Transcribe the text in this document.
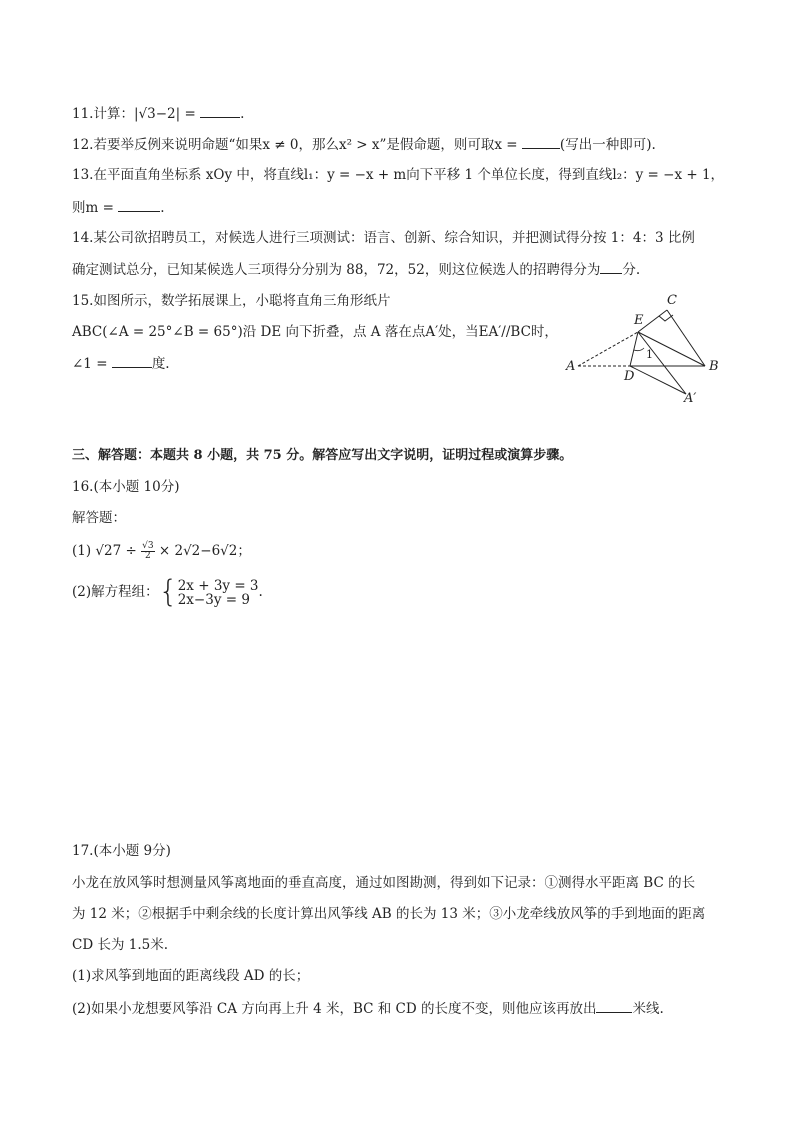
11.计算：|√3−2| =	.
12.若要举反例来说明命题“如果x ≠ 0，那么x² > x”是假命题，则可取x =	(写出一种即可).
13.在平面直角坐标系 xOy 中，将直线l₁：y = −x + m向下平移 1 个单位长度，得到直线l₂：y = −x + 1，
则m =	.
14.某公司欲招聘员工，对候选人进行三项测试：语言、创新、综合知识，并把测试得分按 1：4：3 比例
确定测试总分，已知某候选人三项得分分别为 88，72，52，则这位候选人的招聘得分为 分.
15.如图所示，数学拓展课上，小聪将直角三角形纸片
ABC(∠A = 25°∠B = 65°)沿 DE 向下折叠，点 A 落在点A′处，当EA′//BC时，
∠1 =	度.
C
E
A
D
B
A′
1
三、解答题：本题共 8 小题，共 75 分。解答应写出文字说明，证明过程或演算步骤。
16.(本小题 10分)
解答题：
(1) $√27 \div \frac{√3}{2} \times 2√2-6√2$；
(2)解方程组：{ 2x + 3y = 3
2x−3y = 9 .
17.(本小题 9分)
小龙在放风筝时想测量风筝离地面的垂直高度，通过如图勘测，得到如下记录：①测得水平距离 BC 的长
为 12 米；②根据手中剩余线的长度计算出风筝线 AB 的长为 13 米；③小龙牵线放风筝的手到地面的距离
CD 长为 1.5米.
(1)求风筝到地面的距离线段 AD 的长；
(2)如果小龙想要风筝沿 CA 方向再上升 4 米，BC 和 CD 的长度不变，则他应该再放出	米线.
